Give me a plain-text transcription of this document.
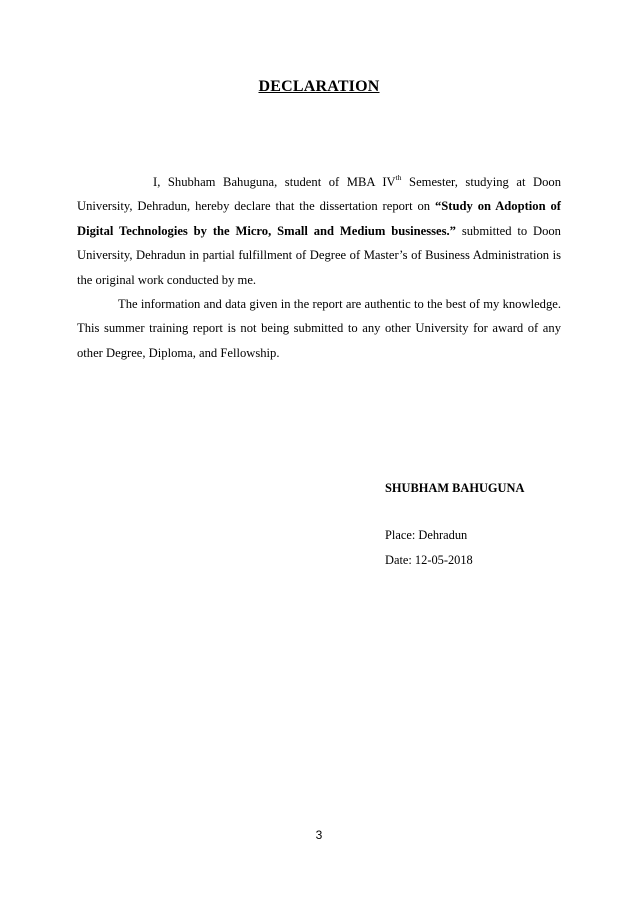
DECLARATION

I, Shubham Bahuguna, student of MBA IVth Semester, studying at Doon University, Dehradun, hereby declare that the dissertation report on “Study on Adoption of Digital Technologies by the Micro, Small and Medium businesses.” submitted to Doon University, Dehradun in partial fulfillment of Degree of Master’s of Business Administration is the original work conducted by me.

The information and data given in the report are authentic to the best of my knowledge. This summer training report is not being submitted to any other University for award of any other Degree, Diploma, and Fellowship.

SHUBHAM BAHUGUNA
Place: Dehradun
Date: 12-05-2018
3
